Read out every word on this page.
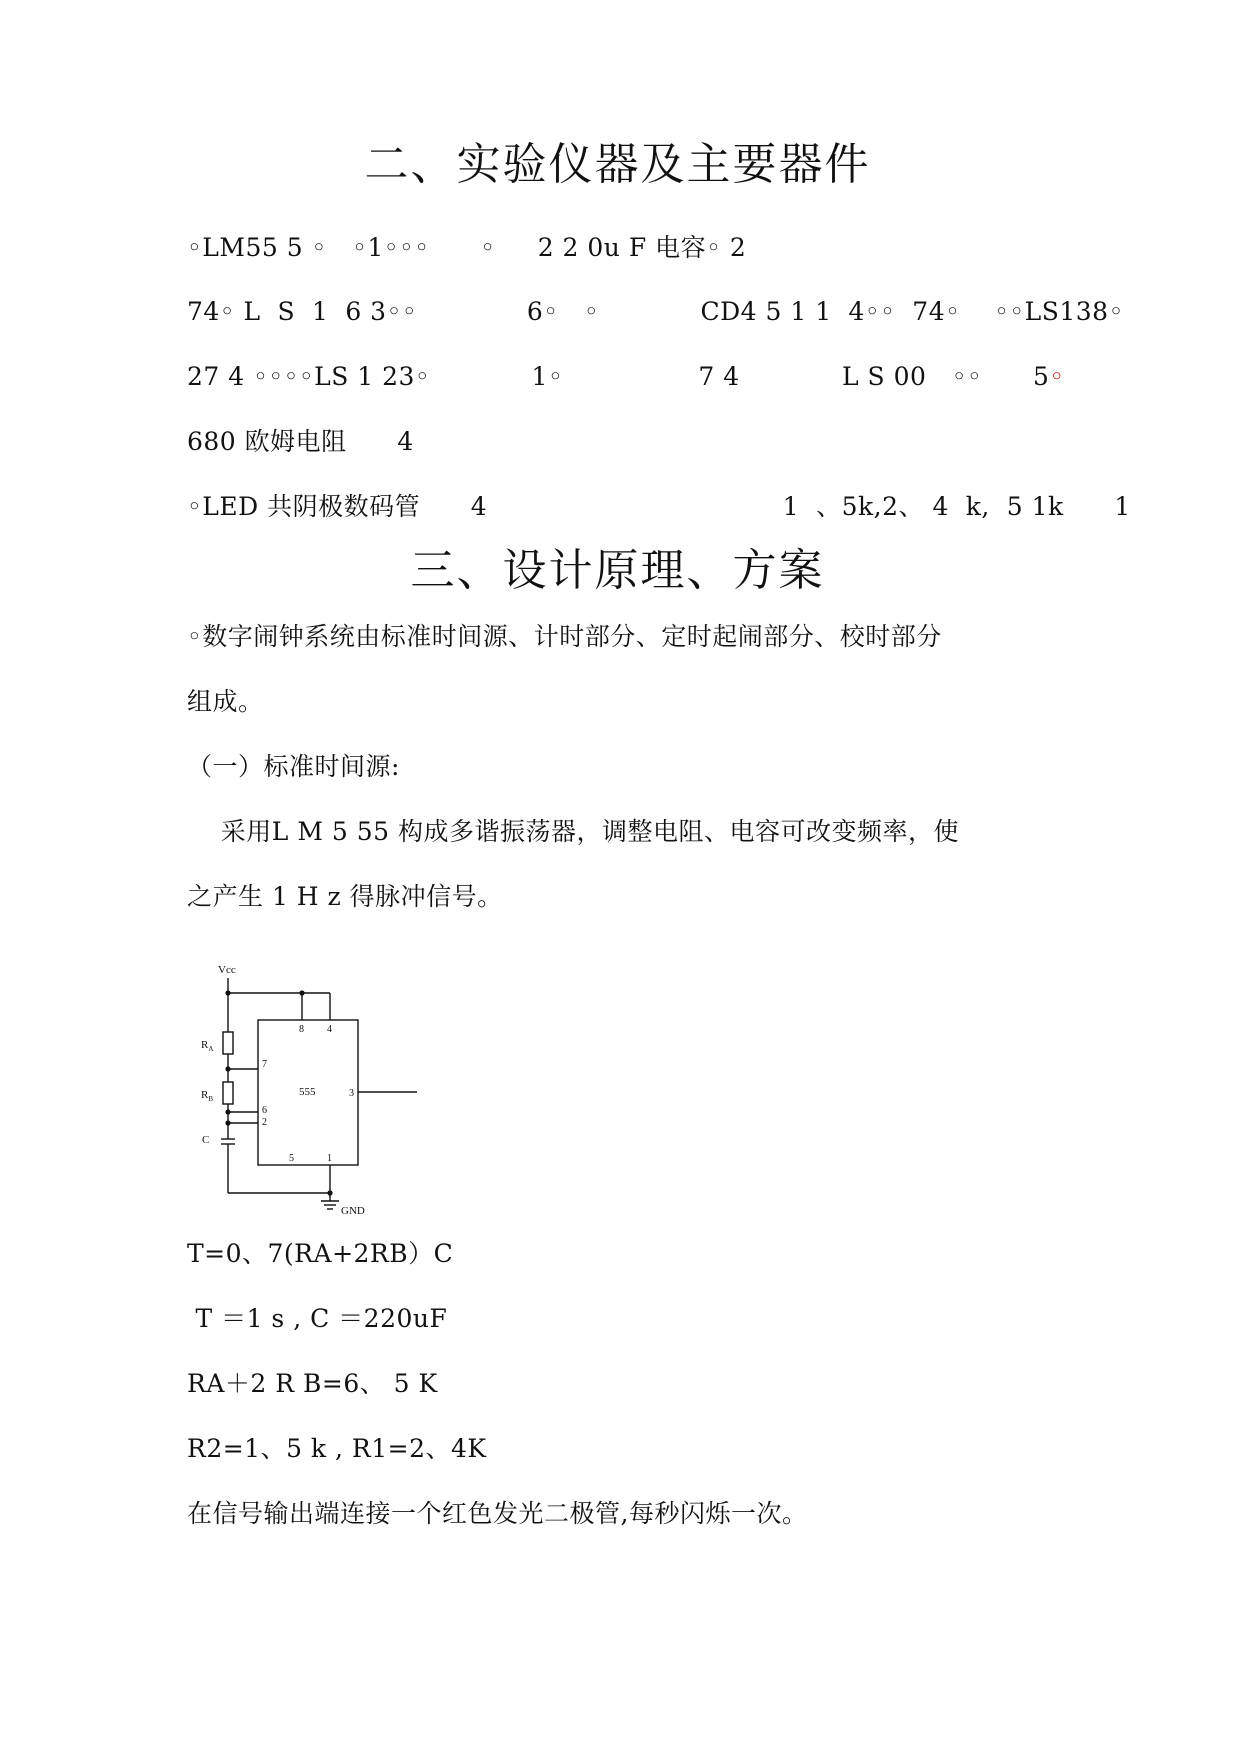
二、实验仪器及主要器件
◦LM55 5 ◦   ◦1◦◦◦      ◦     2 2 0u F 电容◦ 2
74◦ L  S  1  6 3◦◦             6◦   ◦            CD4 5 1 1  4◦◦  74◦    ◦◦LS138◦
27 4 ◦◦◦◦LS 1 23◦            1◦                7 4	L S 00   ◦◦      5◦
680 欧姆电阻      4
◦LED 共阴极数码管      4                                   1  、5k,2、 4  k,  5 1k      1
三、设计原理、方案
◦数字闹钟系统由标准时间源、计时部分、定时起闹部分、校时部分
组成。
（一）标准时间源:
采用L M 5 55 构成多谐振荡器，调整电阻、电容可改变频率，使
之产生 1 H z 得脉冲信号。
Vcc
GND
555
$R_A$
$R_B$
C
8 4
7
6
2
3
5	1
T=0、7(RA+2RB）C
T ＝1 s , C ＝220uF
RA＋2 R B=6、 5 K
R2=1、5 k , R1=2、4K
在信号输出端连接一个红色发光二极管,每秒闪烁一次。
